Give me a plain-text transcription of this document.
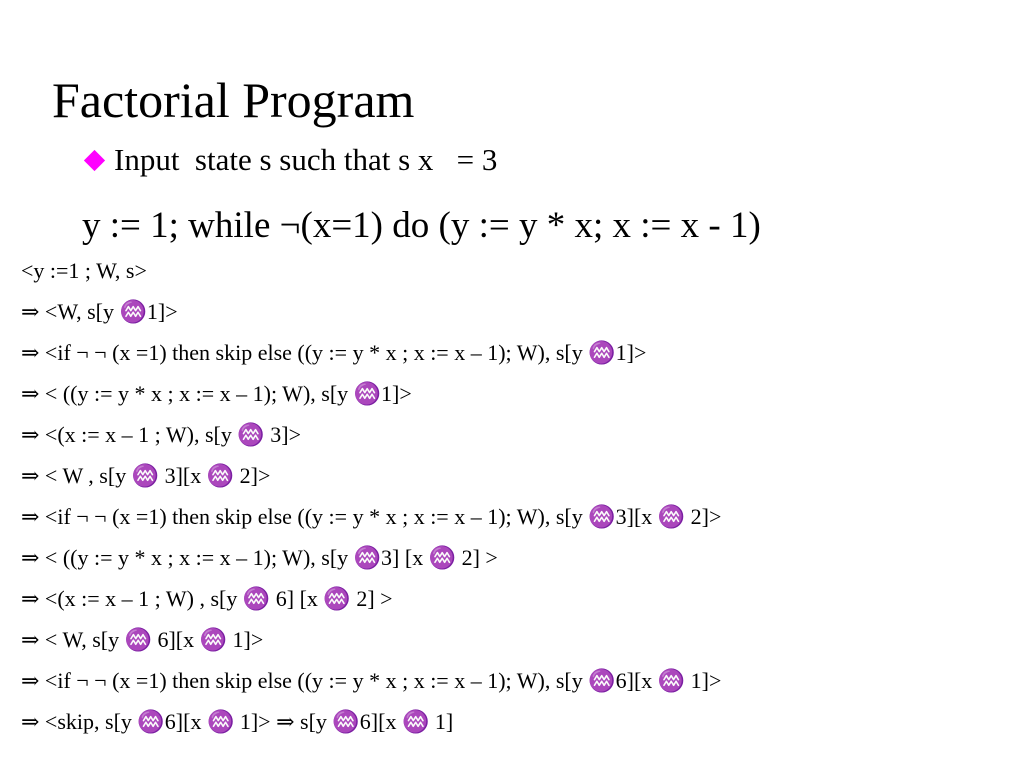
Factorial Program
Input  state s such that s x   = 3
y := 1; while ¬(x=1) do (y := y * x; x := x - 1)
<y :=1 ; W, s>
⇒ <W, s[y ♒1]>
⇒ <if ¬ ¬ (x =1) then skip else ((y := y * x ; x := x – 1); W), s[y ♒1]>
⇒ < ((y := y * x ; x := x – 1); W), s[y ♒1]>
⇒ <(x := x – 1 ; W), s[y ♒ 3]>
⇒ < W , s[y ♒ 3][x ♒ 2]>
⇒ <if ¬ ¬ (x =1) then skip else ((y := y * x ; x := x – 1); W), s[y ♒3][x ♒ 2]>
⇒ < ((y := y * x ; x := x – 1); W), s[y ♒3] [x ♒ 2] >
⇒ <(x := x – 1 ; W) , s[y ♒ 6] [x ♒ 2] >
⇒ < W, s[y ♒ 6][x ♒ 1]>
⇒ <if ¬ ¬ (x =1) then skip else ((y := y * x ; x := x – 1); W), s[y ♒6][x ♒ 1]>
⇒ <skip, s[y ♒6][x ♒ 1]> ⇒ s[y ♒6][x ♒ 1]
